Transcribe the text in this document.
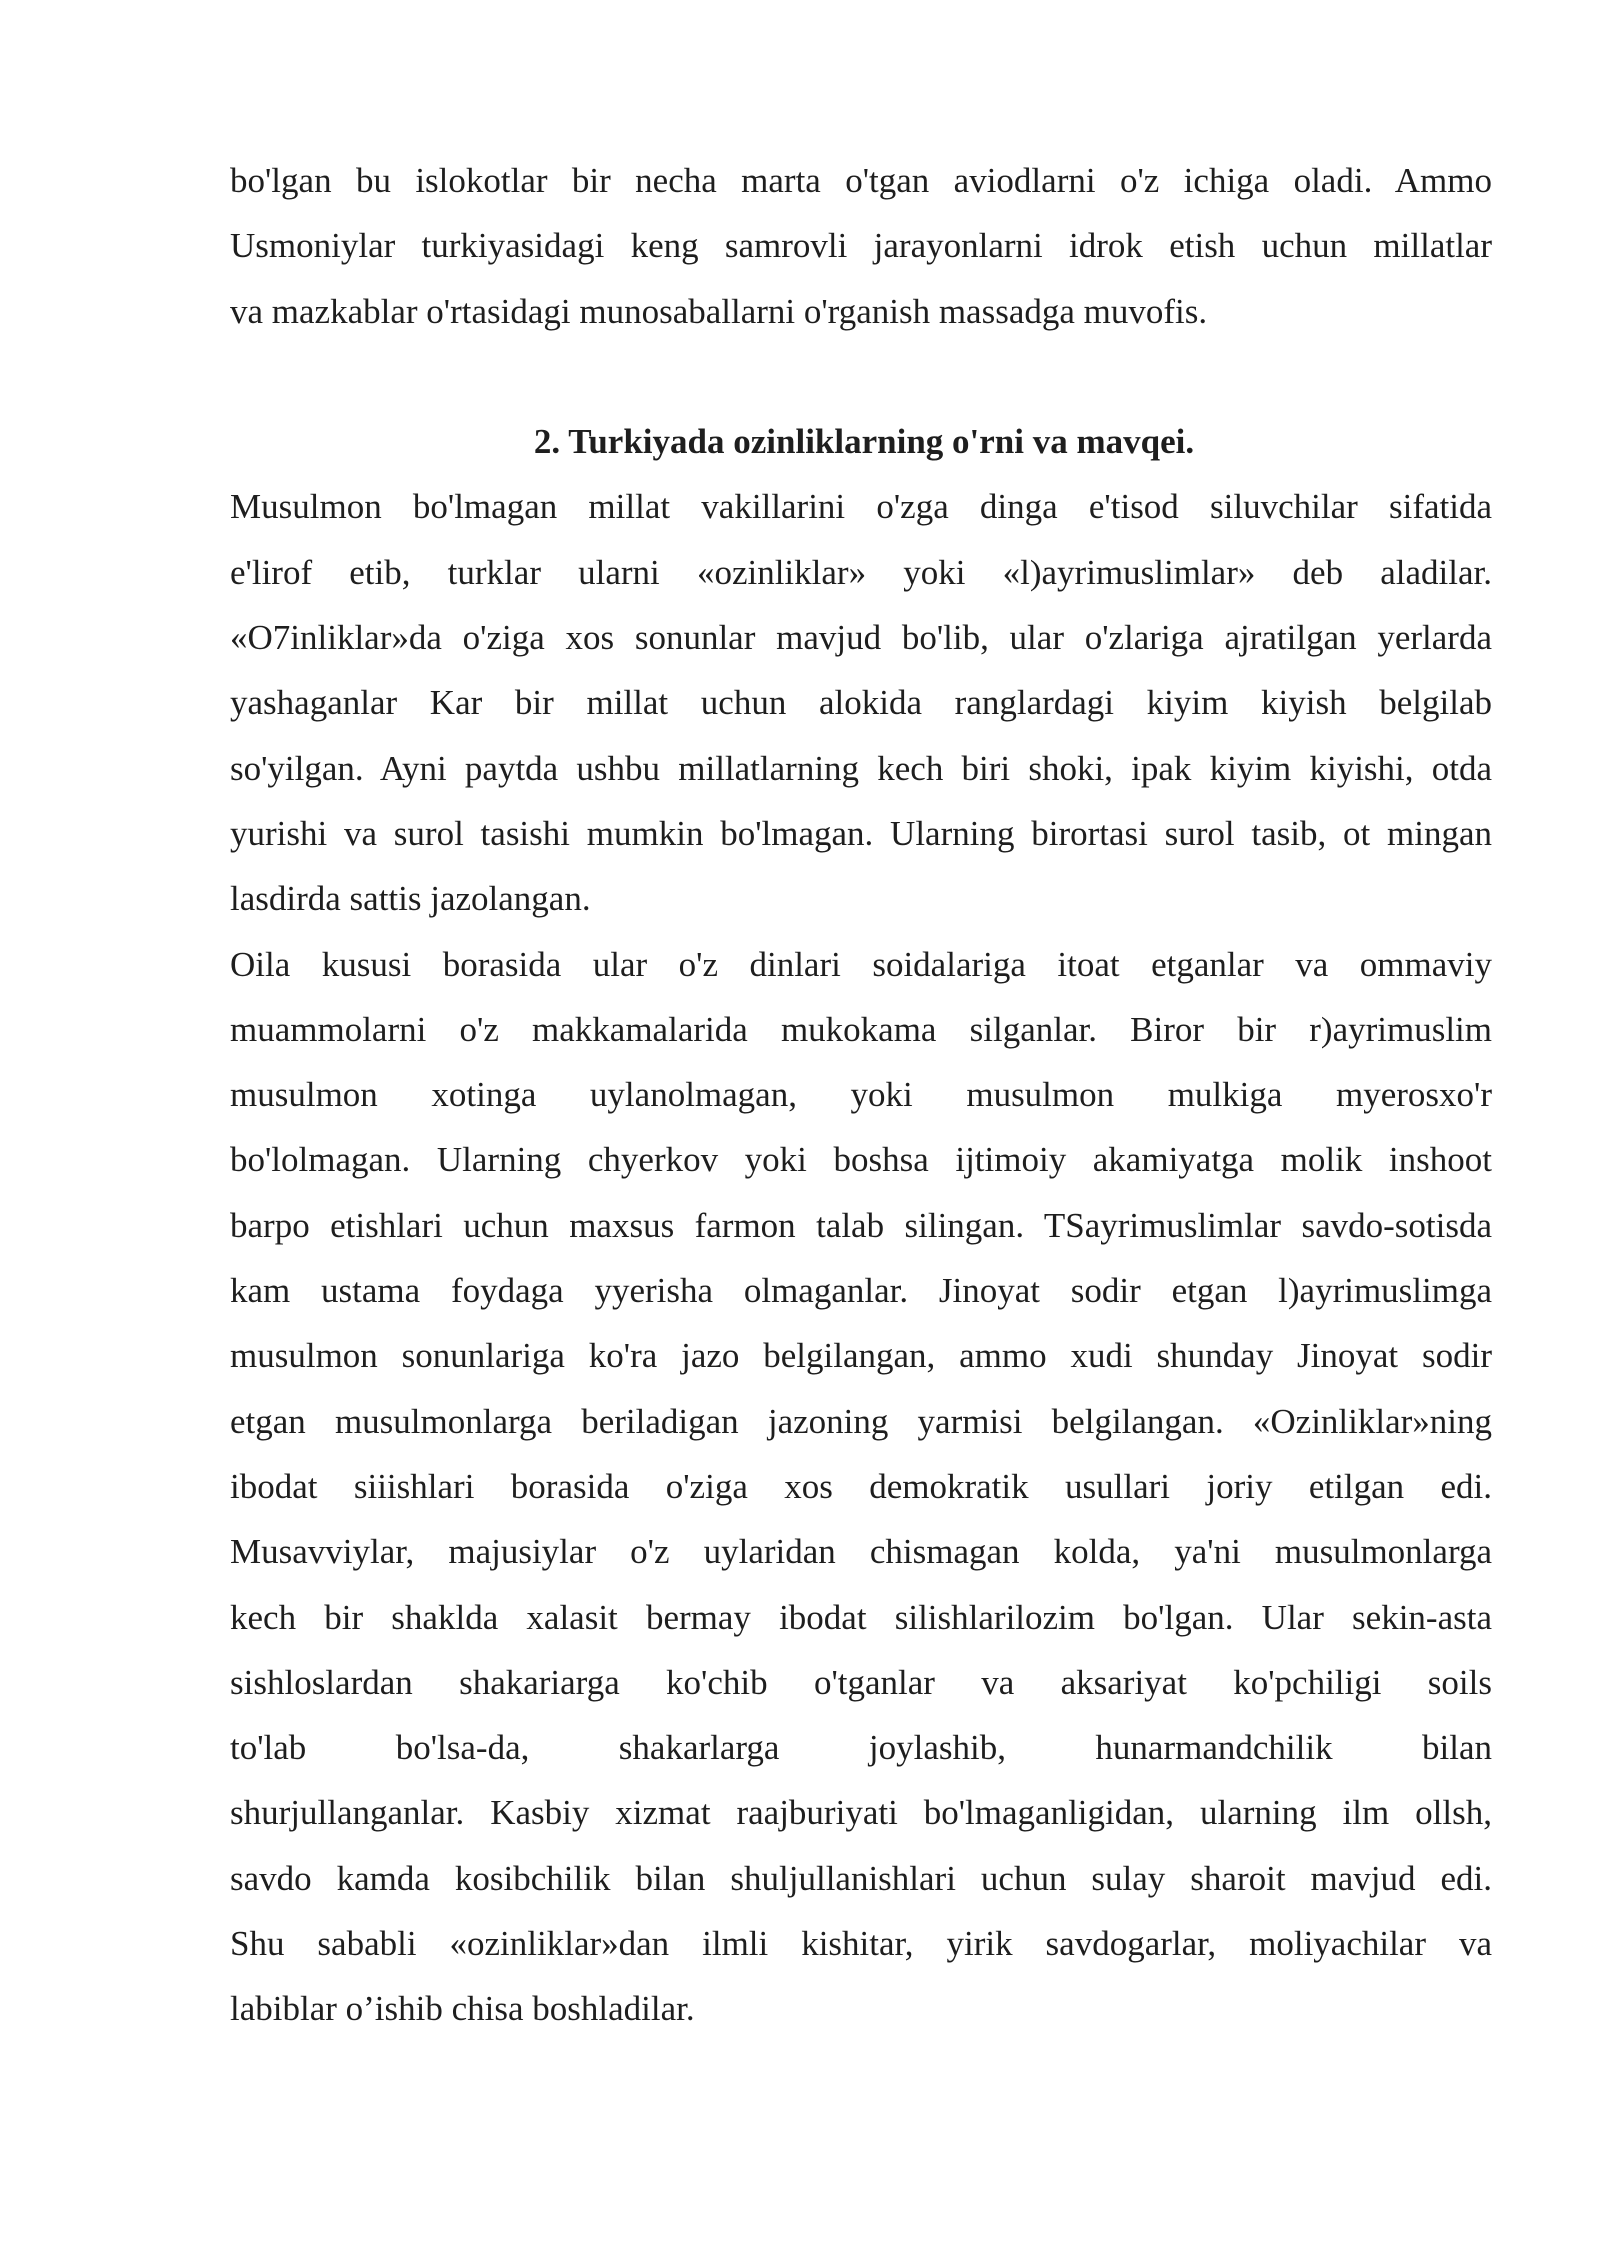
bo'lgan bu islokotlar bir necha marta o'tgan aviodlarni o'z ichiga oladi. Ammo
Usmoniylar turkiyasidagi keng samrovli jarayonlarni idrok etish uchun millatlar
va mazkablar o'rtasidagi munosaballarni o'rganish massadga muvofis.
2. Turkiyada ozinliklarning o'rni va mavqei.
Musulmon bo'lmagan millat vakillarini o'zga dinga e'tisod siluvchilar sifatida
e'lirof etib, turklar ularni «ozinliklar» yoki «l)ayrimuslimlar» deb aladilar.
«O7inliklar»da o'ziga xos sonunlar mavjud bo'lib, ular o'zlariga ajratilgan yerlarda
yashaganlar Kar bir millat uchun alokida ranglardagi kiyim kiyish belgilab
so'yilgan. Ayni paytda ushbu millatlarning kech biri shoki, ipak kiyim kiyishi, otda
yurishi va surol tasishi mumkin bo'lmagan. Ularning birortasi surol tasib, ot mingan
lasdirda sattis jazolangan.
Oila kususi borasida ular o'z dinlari soidalariga itoat etganlar va ommaviy
muammolarni o'z makkamalarida mukokama silganlar. Biror bir r)ayrimuslim
musulmon xotinga uylanolmagan, yoki musulmon mulkiga myerosxo'r
bo'lolmagan. Ularning chyerkov yoki boshsa ijtimoiy akamiyatga molik inshoot
barpo etishlari uchun maxsus farmon talab silingan. TSayrimuslimlar savdo-sotisda
kam ustama foydaga yyerisha olmaganlar. Jinoyat sodir etgan l)ayrimuslimga
musulmon sonunlariga ko'ra jazo belgilangan, ammo xudi shunday Jinoyat sodir
etgan musulmonlarga beriladigan jazoning yarmisi belgilangan. «Ozinliklar»ning
ibodat siiishlari borasida o'ziga xos demokratik usullari joriy etilgan edi.
Musavviylar, majusiylar o'z uylaridan chismagan kolda, ya'ni musulmonlarga
kech bir shaklda xalasit bermay ibodat silishlarilozim bo'lgan. Ular sekin-asta
sishloslardan shakariarga ko'chib o'tganlar va aksariyat ko'pchiligi soils
to'lab bo'lsa-da, shakarlarga joylashib, hunarmandchilik bilan
shurjullanganlar. Kasbiy xizmat raajburiyati bo'lmaganligidan, ularning ilm ollsh,
savdo kamda kosibchilik bilan shuljullanishlari uchun sulay sharoit mavjud edi.
Shu sababli «ozinliklar»dan ilmli kishitar, yirik savdogarlar, moliyachilar va
labiblar o’ishib chisa boshladilar.
